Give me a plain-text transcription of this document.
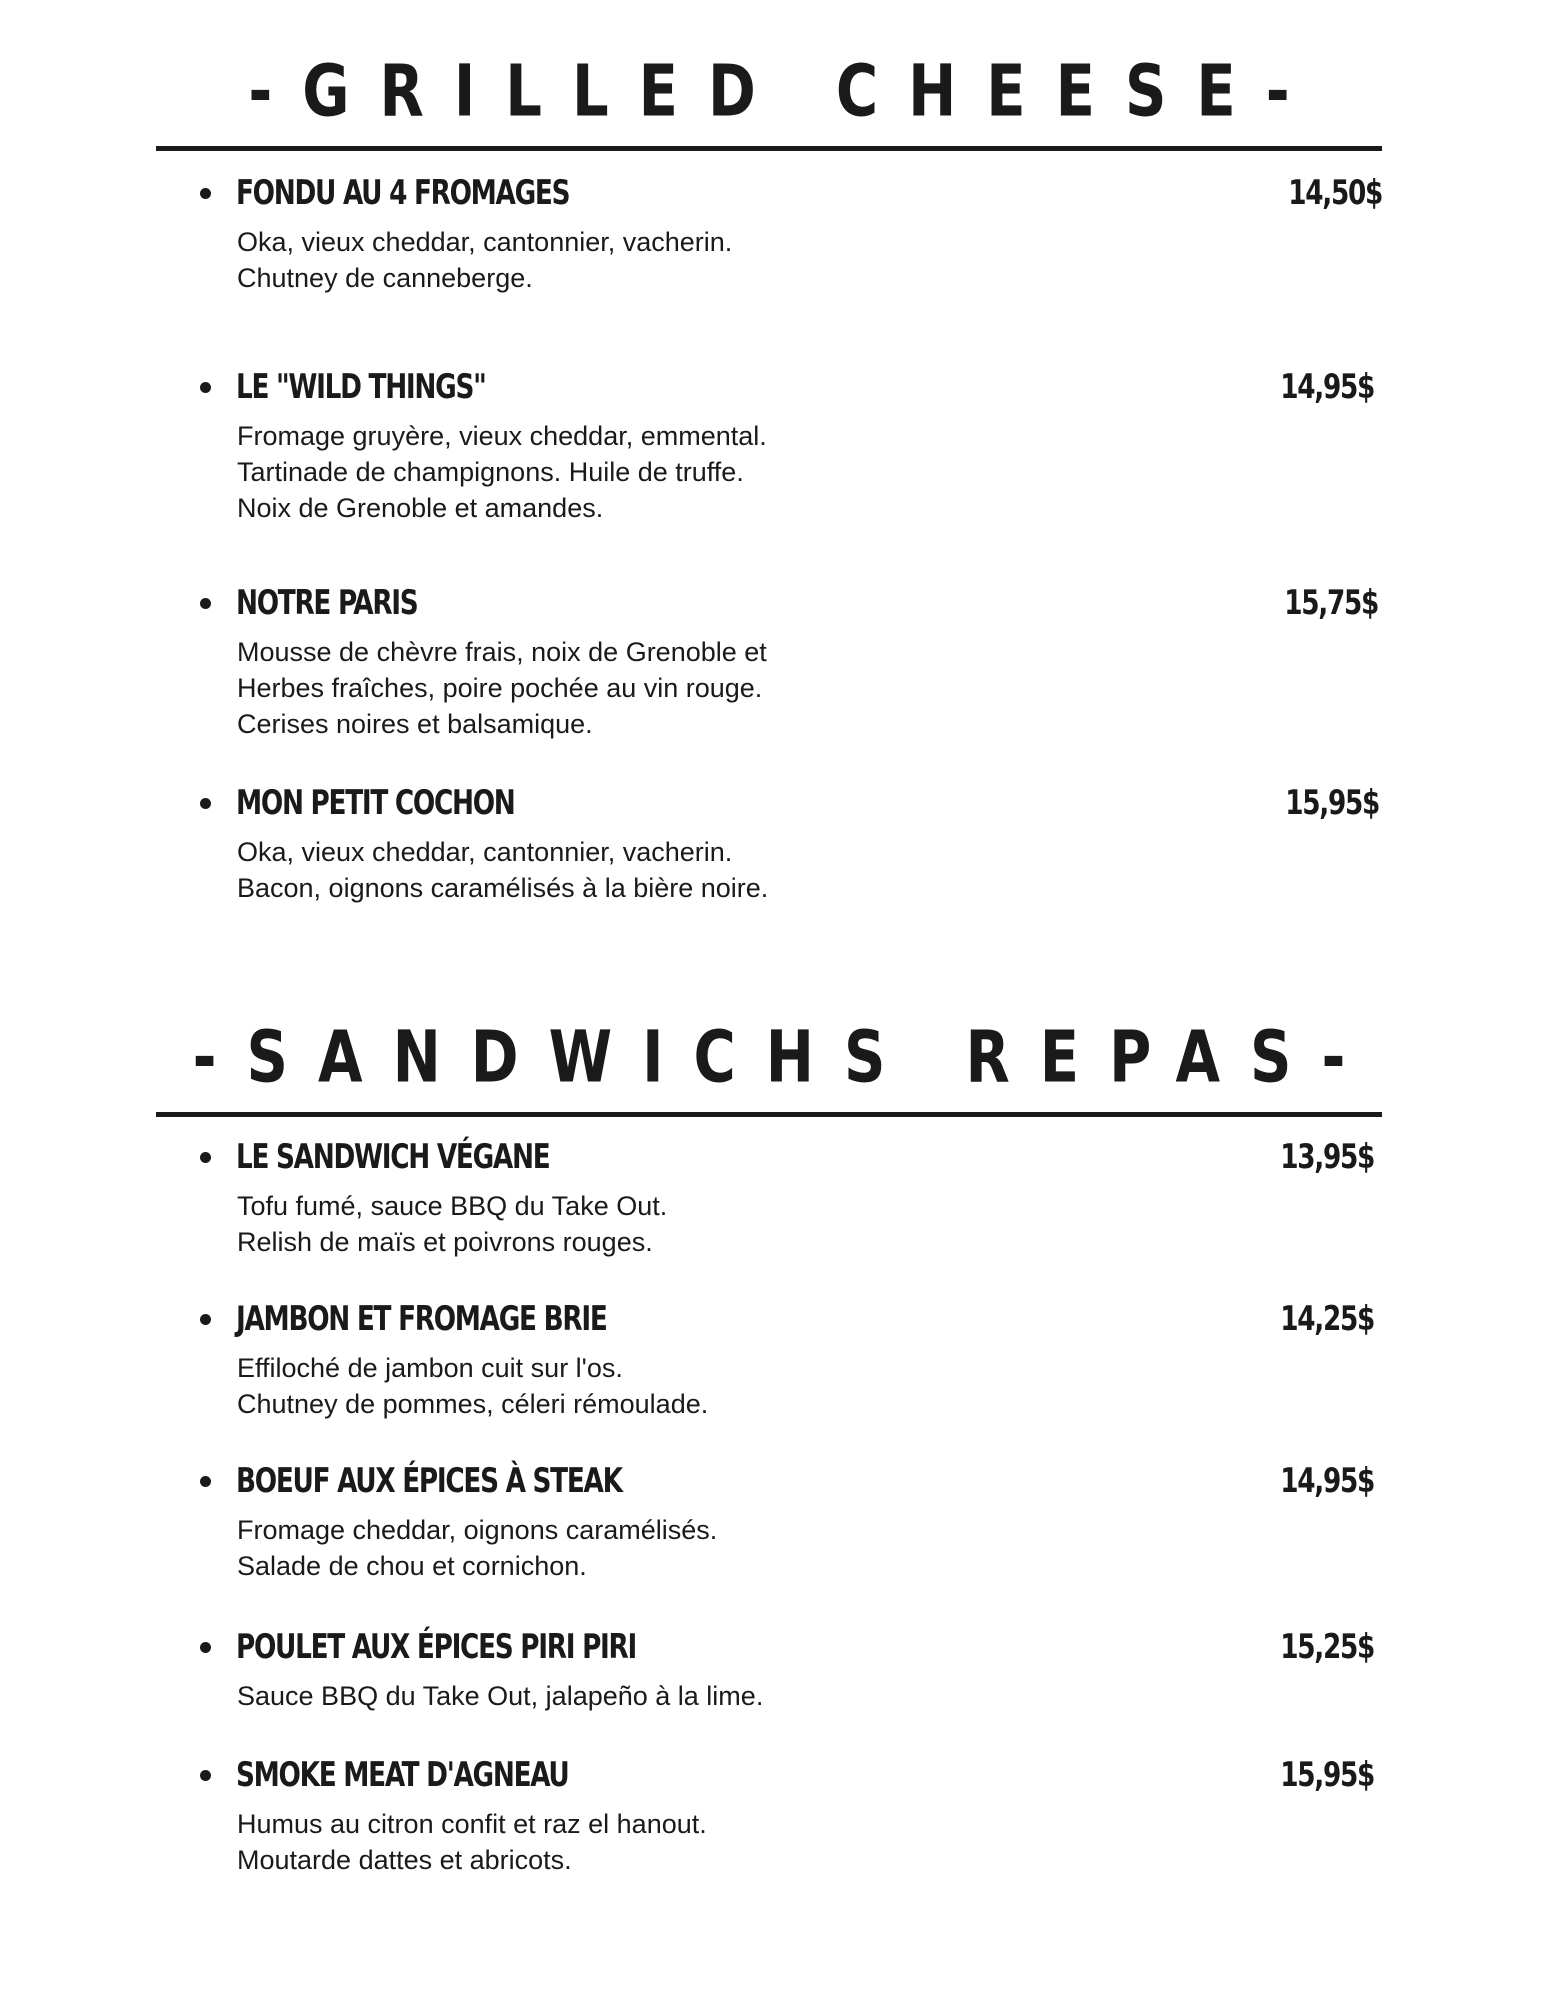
-GRILLED CHEESE-
FONDU AU 4 FROMAGES	14,50$
Oka, vieux cheddar, cantonnier, vacherin.
Chutney de canneberge.
LE "WILD THINGS"	14,95$
Fromage gruyère, vieux cheddar, emmental.
Tartinade de champignons. Huile de truffe.
Noix de Grenoble et amandes.
NOTRE PARIS	15,75$
Mousse de chèvre frais, noix de Grenoble et
Herbes fraîches, poire pochée au vin rouge.
Cerises noires et balsamique.
MON PETIT COCHON	15,95$
Oka, vieux cheddar, cantonnier, vacherin.
Bacon, oignons caramélisés à la bière noire.
-SANDWICHS REPAS-
LE SANDWICH VÉGANE	13,95$
Tofu fumé, sauce BBQ du Take Out.
Relish de maïs et poivrons rouges.
JAMBON ET FROMAGE BRIE	14,25$
Effiloché de jambon cuit sur l'os.
Chutney de pommes, céleri rémoulade.
BOEUF AUX ÉPICES À STEAK	14,95$
Fromage cheddar, oignons caramélisés.
Salade de chou et cornichon.
POULET AUX ÉPICES PIRI PIRI	15,25$
Sauce BBQ du Take Out, jalapeño à la lime.
SMOKE MEAT D'AGNEAU	15,95$
Humus au citron confit et raz el hanout.
Moutarde dattes et abricots.
